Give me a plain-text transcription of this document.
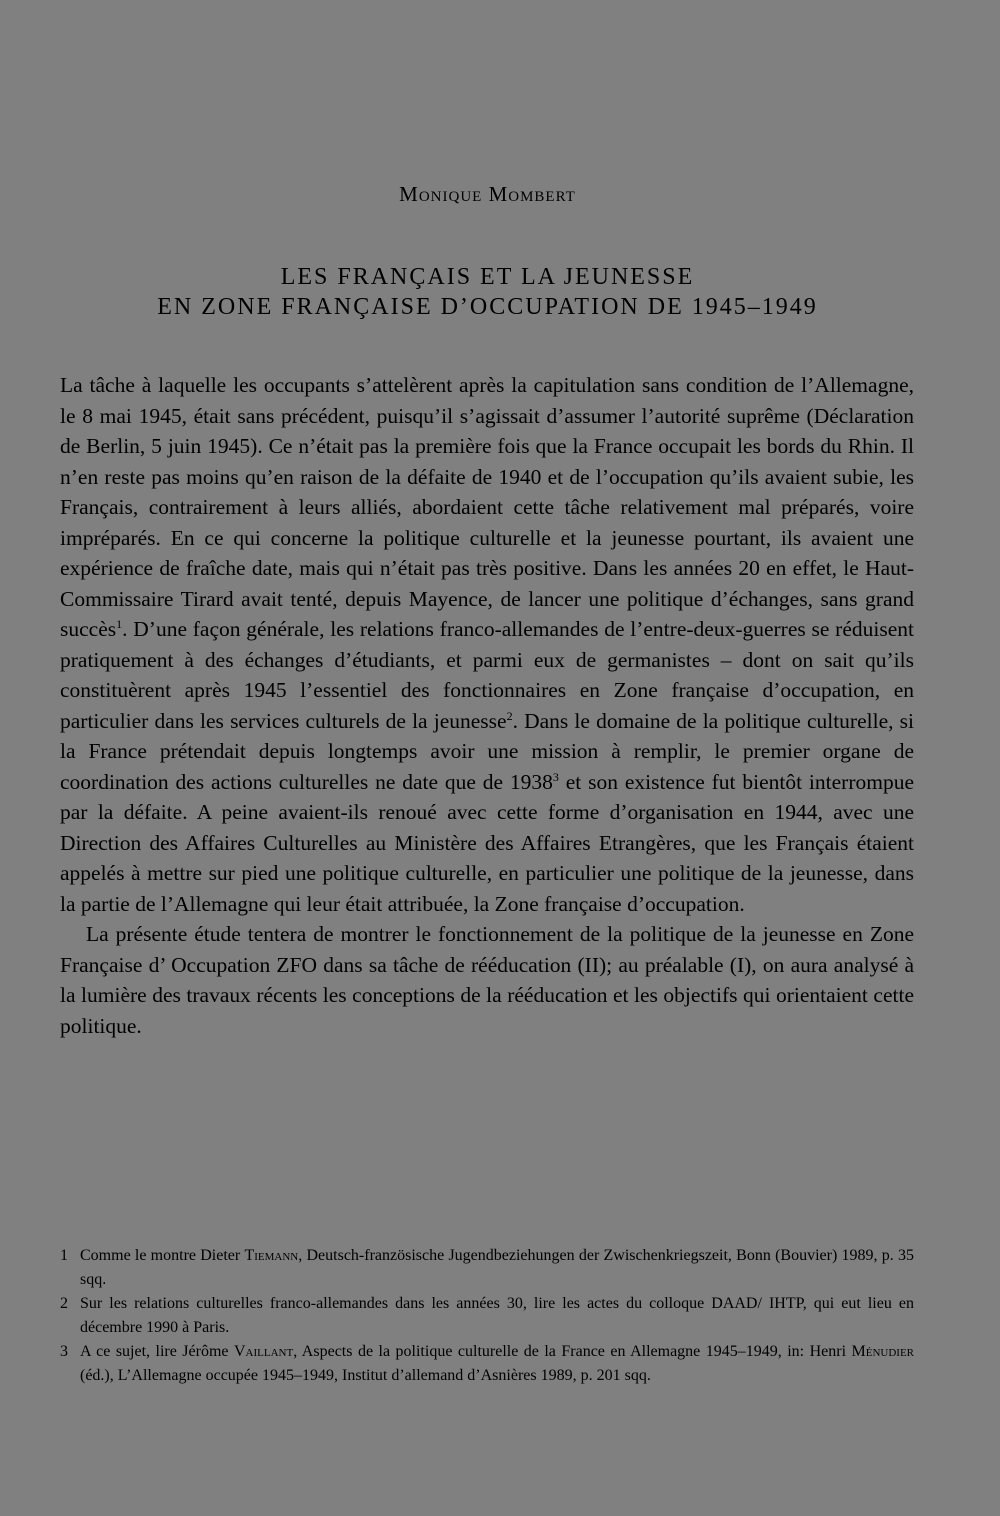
Monique Mombert
LES FRANÇAIS ET LA JEUNESSE
EN ZONE FRANÇAISE D’OCCUPATION DE 1945–1949

La tâche à laquelle les occupants s’attelèrent après la capitulation sans condition de l’Allemagne, le 8 mai 1945, était sans précédent, puisqu’il s’agissait d’assumer l’autorité suprême (Déclaration de Berlin, 5 juin 1945). Ce n’était pas la première fois que la France occupait les bords du Rhin. Il n’en reste pas moins qu’en raison de la défaite de 1940 et de l’occupation qu’ils avaient subie, les Français, contrairement à leurs alliés, abordaient cette tâche relativement mal préparés, voire impréparés. En ce qui concerne la politique culturelle et la jeunesse pourtant, ils avaient une expérience de fraîche date, mais qui n’était pas très positive. Dans les années 20 en effet, le Haut-Commissaire Tirard avait tenté, depuis Mayence, de lancer une politique d’échanges, sans grand succès$^1$. D’une façon générale, les relations franco-allemandes de l’entre-deux-guerres se réduisent pratiquement à des échanges d’étudiants, et parmi eux de germanistes – dont on sait qu’ils constituèrent après 1945 l’essentiel des fonctionnaires en Zone française d’occupation, en particulier dans les services culturels de la jeunesse$^2$. Dans le domaine de la politique culturelle, si la France prétendait depuis longtemps avoir une mission à remplir, le premier organe de coordination des actions culturelles ne date que de 1938$^3$ et son existence fut bientôt interrompue par la défaite. A peine avaient-ils renoué avec cette forme d’organisation en 1944, avec une Direction des Affaires Culturelles au Ministère des Affaires Etrangères, que les Français étaient appelés à mettre sur pied une politique culturelle, en particulier une politique de la jeunesse, dans la partie de l’Allemagne qui leur était attribuée, la Zone française d’occupation.

La présente étude tentera de montrer le fonctionnement de la politique de la jeunesse en Zone Française d’ Occupation ZFO dans sa tâche de rééducation (II); au préalable (I), on aura analysé à la lumière des travaux récents les conceptions de la rééducation et les objectifs qui orientaient cette politique.

1 Comme le montre Dieter Tiemann, Deutsch-französische Jugendbeziehungen der Zwischenkriegszeit, Bonn (Bouvier) 1989, p. 35 sqq.

2 Sur les relations culturelles franco-allemandes dans les années 30, lire les actes du colloque DAAD/ IHTP, qui eut lieu en décembre 1990 à Paris.

3 A ce sujet, lire Jérôme Vaillant, Aspects de la politique culturelle de la France en Allemagne 1945–1949, in: Henri Ménudier (éd.), L’Allemagne occupée 1945–1949, Institut d’allemand d’Asnières 1989, p. 201 sqq.
